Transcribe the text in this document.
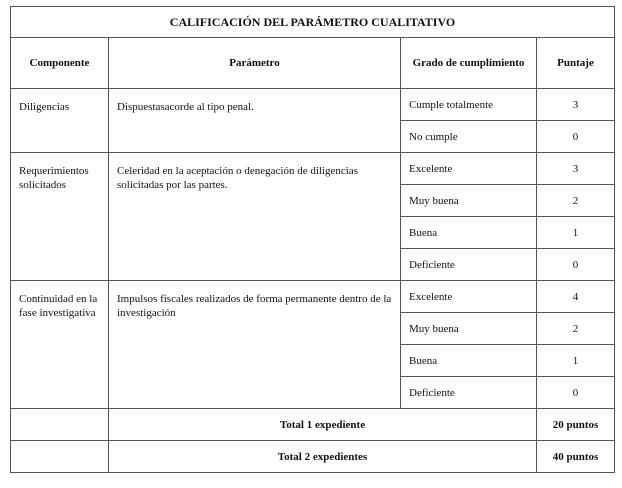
CALIFICACIÓN DEL PARÁMETRO CUALITATIVO			
Componente	Parámetro	Grado de cumplimiento	Puntaje
Diligencias	Dispuestasacorde al tipo penal.	Cumple totalmente	3
		No cumple	0
Requerimientos solicitados	Celeridad en la aceptación o denegación de diligencias solicitadas por las partes.	Excelente	3
		Muy buena	2
		Buena	1
		Deficiente	0
Continuidad en la fase investigativa	Impulsos fiscales realizados de forma permanente dentro de la investigación	Excelente	4
		Muy buena	2
		Buena	1
		Deficiente	0
	Total 1 expediente		20 puntos
	Total 2 expedientes		40 puntos
